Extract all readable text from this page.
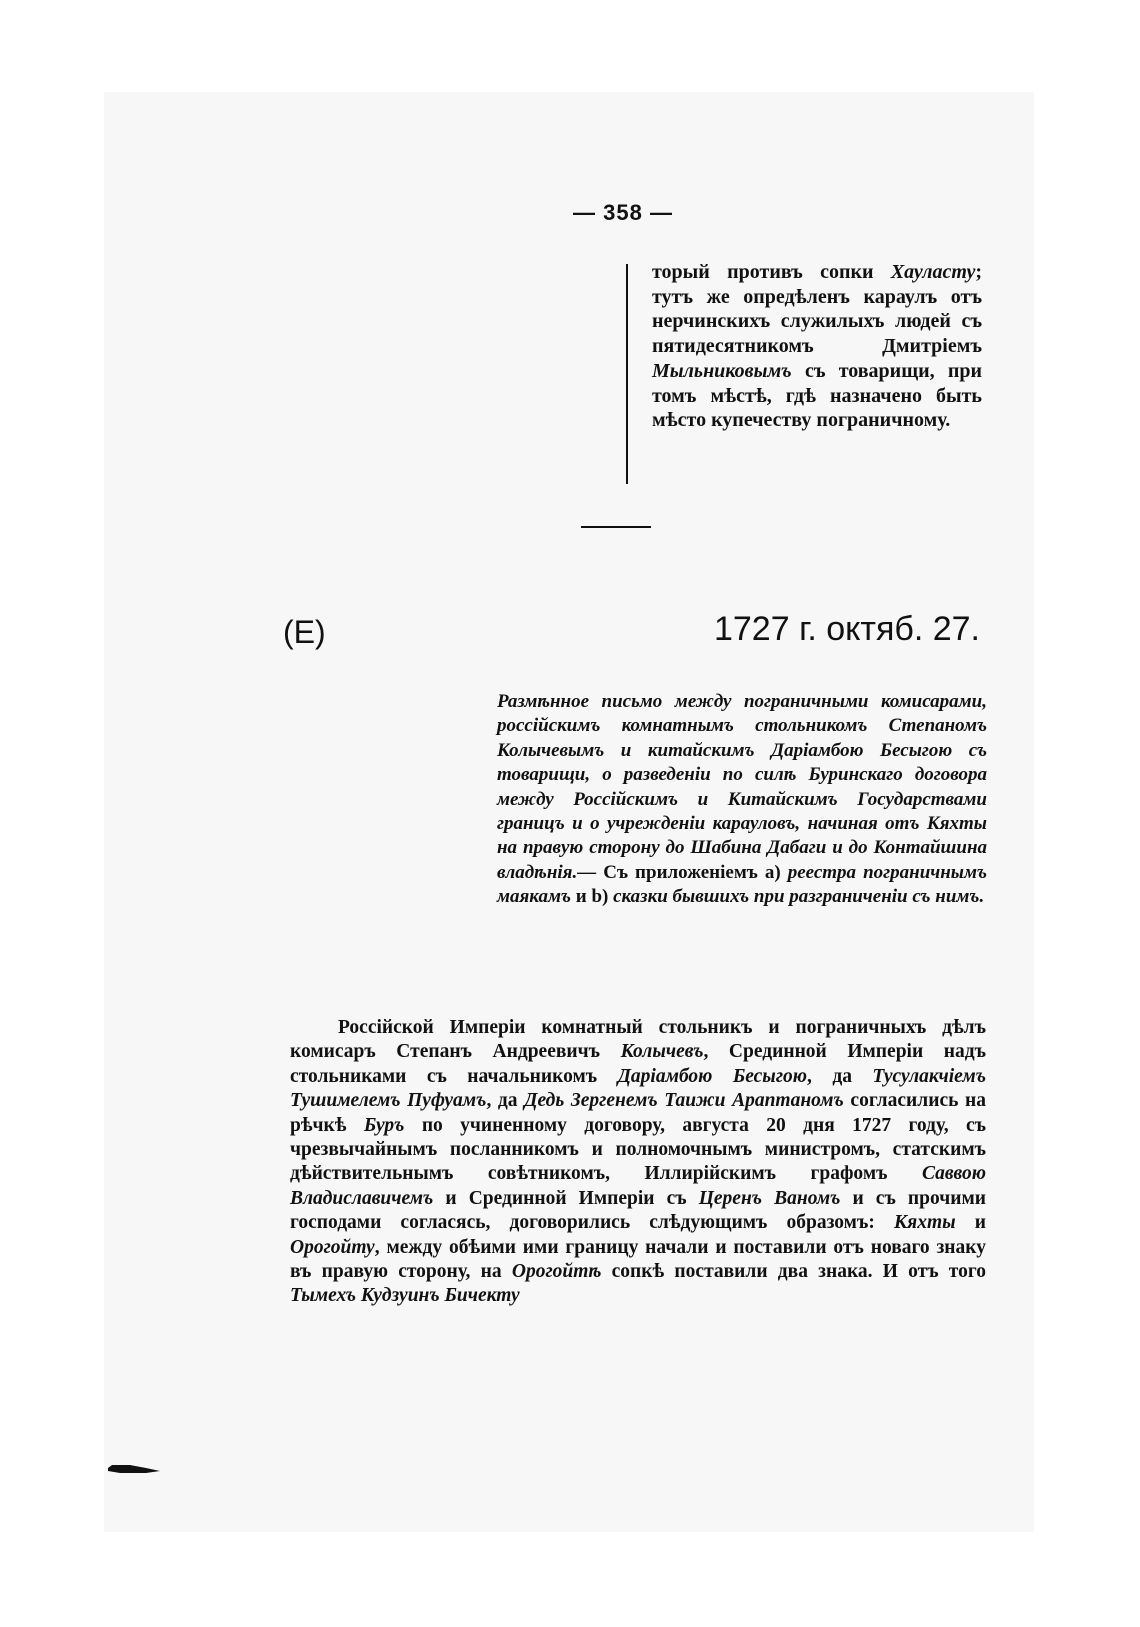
— 358 —
торый противъ сопки Хауласту; тутъ же опредѣленъ караулъ отъ нерчинскихъ служилыхъ людей съ пятидесятникомъ Дмитріемъ Мыльниковымъ съ товарищи, при томъ мѣстѣ, гдѣ назначено быть мѣсто купечеству пограничному.
(Е)	1727 г. октяб. 27.
Размѣнное письмо между пограничными комисарами, россійскимъ комнатнымъ стольникомъ Степаномъ Колычевымъ и китайскимъ Даріамбою Бесыгою съ товарищи, о разведеніи по силѣ Буринскаго договора между Россійскимъ и Китайскимъ Государствами границъ и о учрежденіи карауловъ, начиная отъ Кяхты на правую сторону до Шабина Дабаги и до Контайшина владѣнія.— Съ приложеніемъ а) реестра пограничнымъ маякамъ и b) сказки бывшихъ при разграниченіи съ нимъ.
Россійской Имперіи комнатный стольникъ и пограничныхъ дѣлъ комисаръ Степанъ Андреевичъ Колычевъ, Срединной Имперіи надъ стольниками съ начальникомъ Даріамбою Бесыгою, да Тусулакчіемъ Тушимелемъ Пуфуамъ, да Дедь Зергенемъ Таижи Араптаномъ согласились на рѣчкѣ Буръ по учиненному договору, августа 20 дня 1727 году, съ чрезвычайнымъ посланникомъ и полномочнымъ министромъ, статскимъ дѣйствительнымъ совѣтникомъ, Иллирійскимъ графомъ Саввою Владиславичемъ и Срединной Имперіи съ Церенъ Ваномъ и съ прочими господами согласясь, договорились слѣдующимъ образомъ: Кяхты и Орогойту, между обѣими ими границу начали и поставили отъ новаго знаку въ правую сторону, на Орогойтѣ сопкѣ поставили два знака. И отъ того Тымехъ Кудзуинъ Бичекту
